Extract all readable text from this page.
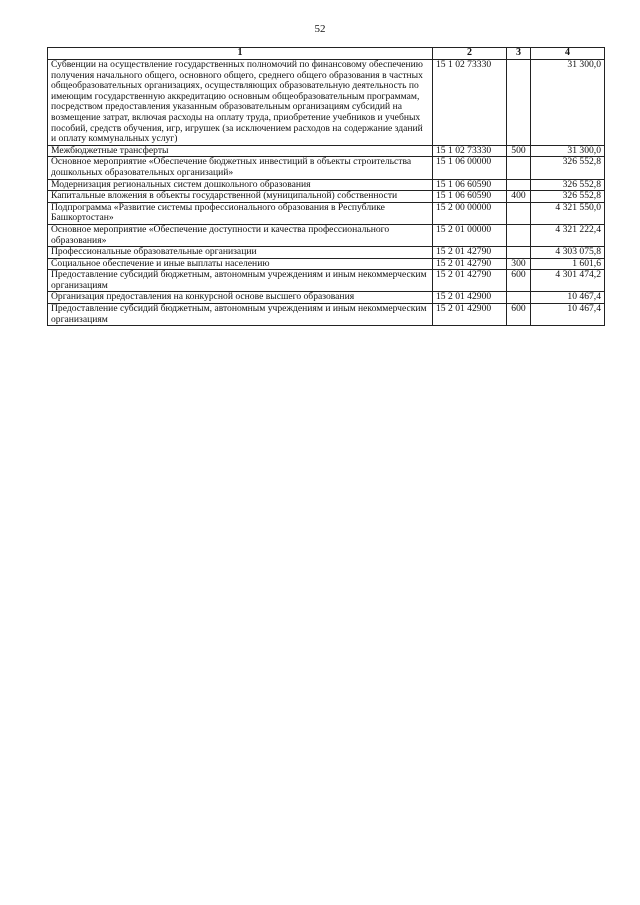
52
1	2	3	4
Субвенции на осуществление государственных полномочий по финансовому обеспечению получения начального общего, основного общего, среднего общего образования в частных общеобразовательных организациях, осуществляющих образовательную деятельность по имеющим государственную аккредитацию основным общеобразовательным программам, посредством предоставления указанным образовательным организациям субсидий на возмещение затрат, включая расходы на оплату труда, приобретение учебников и учебных пособий, средств обучения, игр, игрушек (за исключением расходов на содержание зданий и оплату коммунальных услуг)	15 1 02 73330		31 300,0
Межбюджетные трансферты	15 1 02 73330	500	31 300,0
Основное мероприятие «Обеспечение бюджетных инвестиций в объекты строительства дошкольных образовательных организаций»	15 1 06 00000		326 552,8
Модернизация региональных систем дошкольного образования	15 1 06 60590		326 552,8
Капитальные вложения в объекты государственной (муниципальной) собственности	15 1 06 60590	400	326 552,8
Подпрограмма «Развитие системы профессионального образования в Республике Башкортостан»	15 2 00 00000		4 321 550,0
Основное мероприятие «Обеспечение доступности и качества профессионального образования»	15 2 01 00000		4 321 222,4
Профессиональные образовательные организации	15 2 01 42790		4 303 075,8
Социальное обеспечение и иные выплаты населению	15 2 01 42790	300	1 601,6
Предоставление субсидий бюджетным, автономным учреждениям и иным некоммерческим организациям	15 2 01 42790	600	4 301 474,2
Организация предоставления на конкурсной основе высшего образования	15 2 01 42900		10 467,4
Предоставление субсидий бюджетным, автономным учреждениям и иным некоммерческим организациям	15 2 01 42900	600	10 467,4
